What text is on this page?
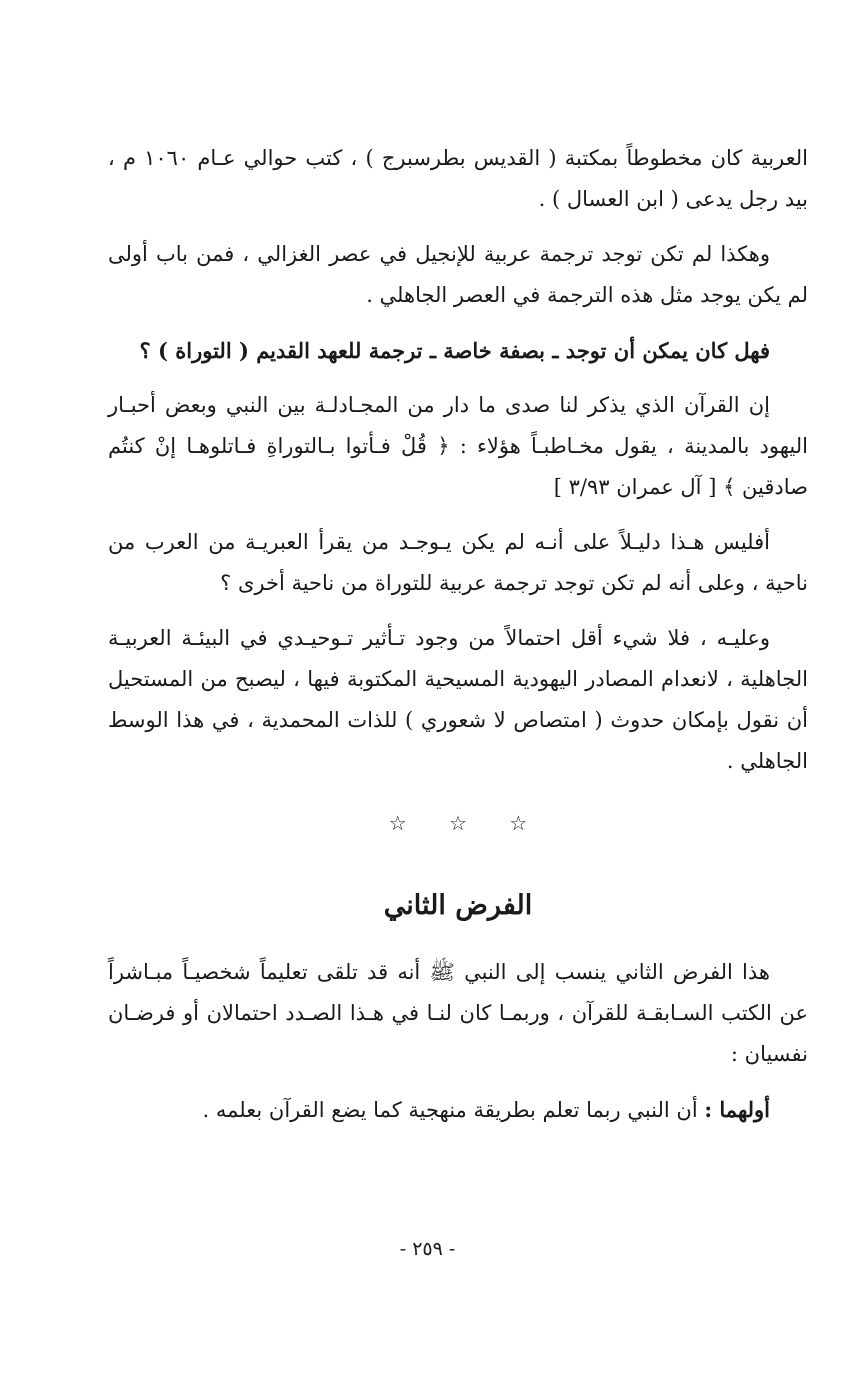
العربية كان مخطوطاً بمكتبة ( القديس بطرسبرج ) ، كتب حوالي عـام ١٠٦٠ م ، بيد رجل يدعى ( ابن العسال ) .

وهكذا لم تكن توجد ترجمة عربية للإنجيل في عصر الغزالي ، فمن باب أولى لم يكن يوجد مثل هذه الترجمة في العصر الجاهلي .

فهل كان يمكن أن توجد ـ بصفة خاصة ـ ترجمة للعهد القديم ( التوراة ) ؟

إن القرآن الذي يذكر لنا صدى ما دار من المجـادلـة بين النبي وبعض أحبـار اليهود بالمدينة ، يقول مخـاطبـاً هؤلاء : ﴿ قُلْ فـأتوا بـالتوراةِ فـاتلوهـا إنْ كنتُم صادقين ﴾ [ آل عمران ٣/٩٣ ]

أفليس هـذا دليـلاً على أنـه لم يكن يـوجـد من يقرأ العبريـة من العرب من ناحية ، وعلى أنه لم تكن توجد ترجمة عربية للتوراة من ناحية أخرى ؟

وعليـه ، فلا شيء أقل احتمالاً من وجود تـأثير تـوحيـدي في البيئـة العربيـة الجاهلية ، لانعدام المصادر اليهودية المسيحية المكتوبة فيها ، ليصبح من المستحيل أن نقول بإمكان حدوث ( امتصاص لا شعوري ) للذات المحمدية ، في هذا الوسط الجاهلي .

☆ ☆ ☆
الفرض الثاني

هذا الفرض الثاني ينسب إلى النبي ﷺ أنه قد تلقى تعليماً شخصيـاً مبـاشراً عن الكتب السـابقـة للقرآن ، وربمـا كان لنـا في هـذا الصـدد احتمالان أو فرضـان نفسيان :

أولهما : أن النبي ربما تعلم بطريقة منهجية كما يضع القرآن بعلمه .

- ٢٥٩ -
